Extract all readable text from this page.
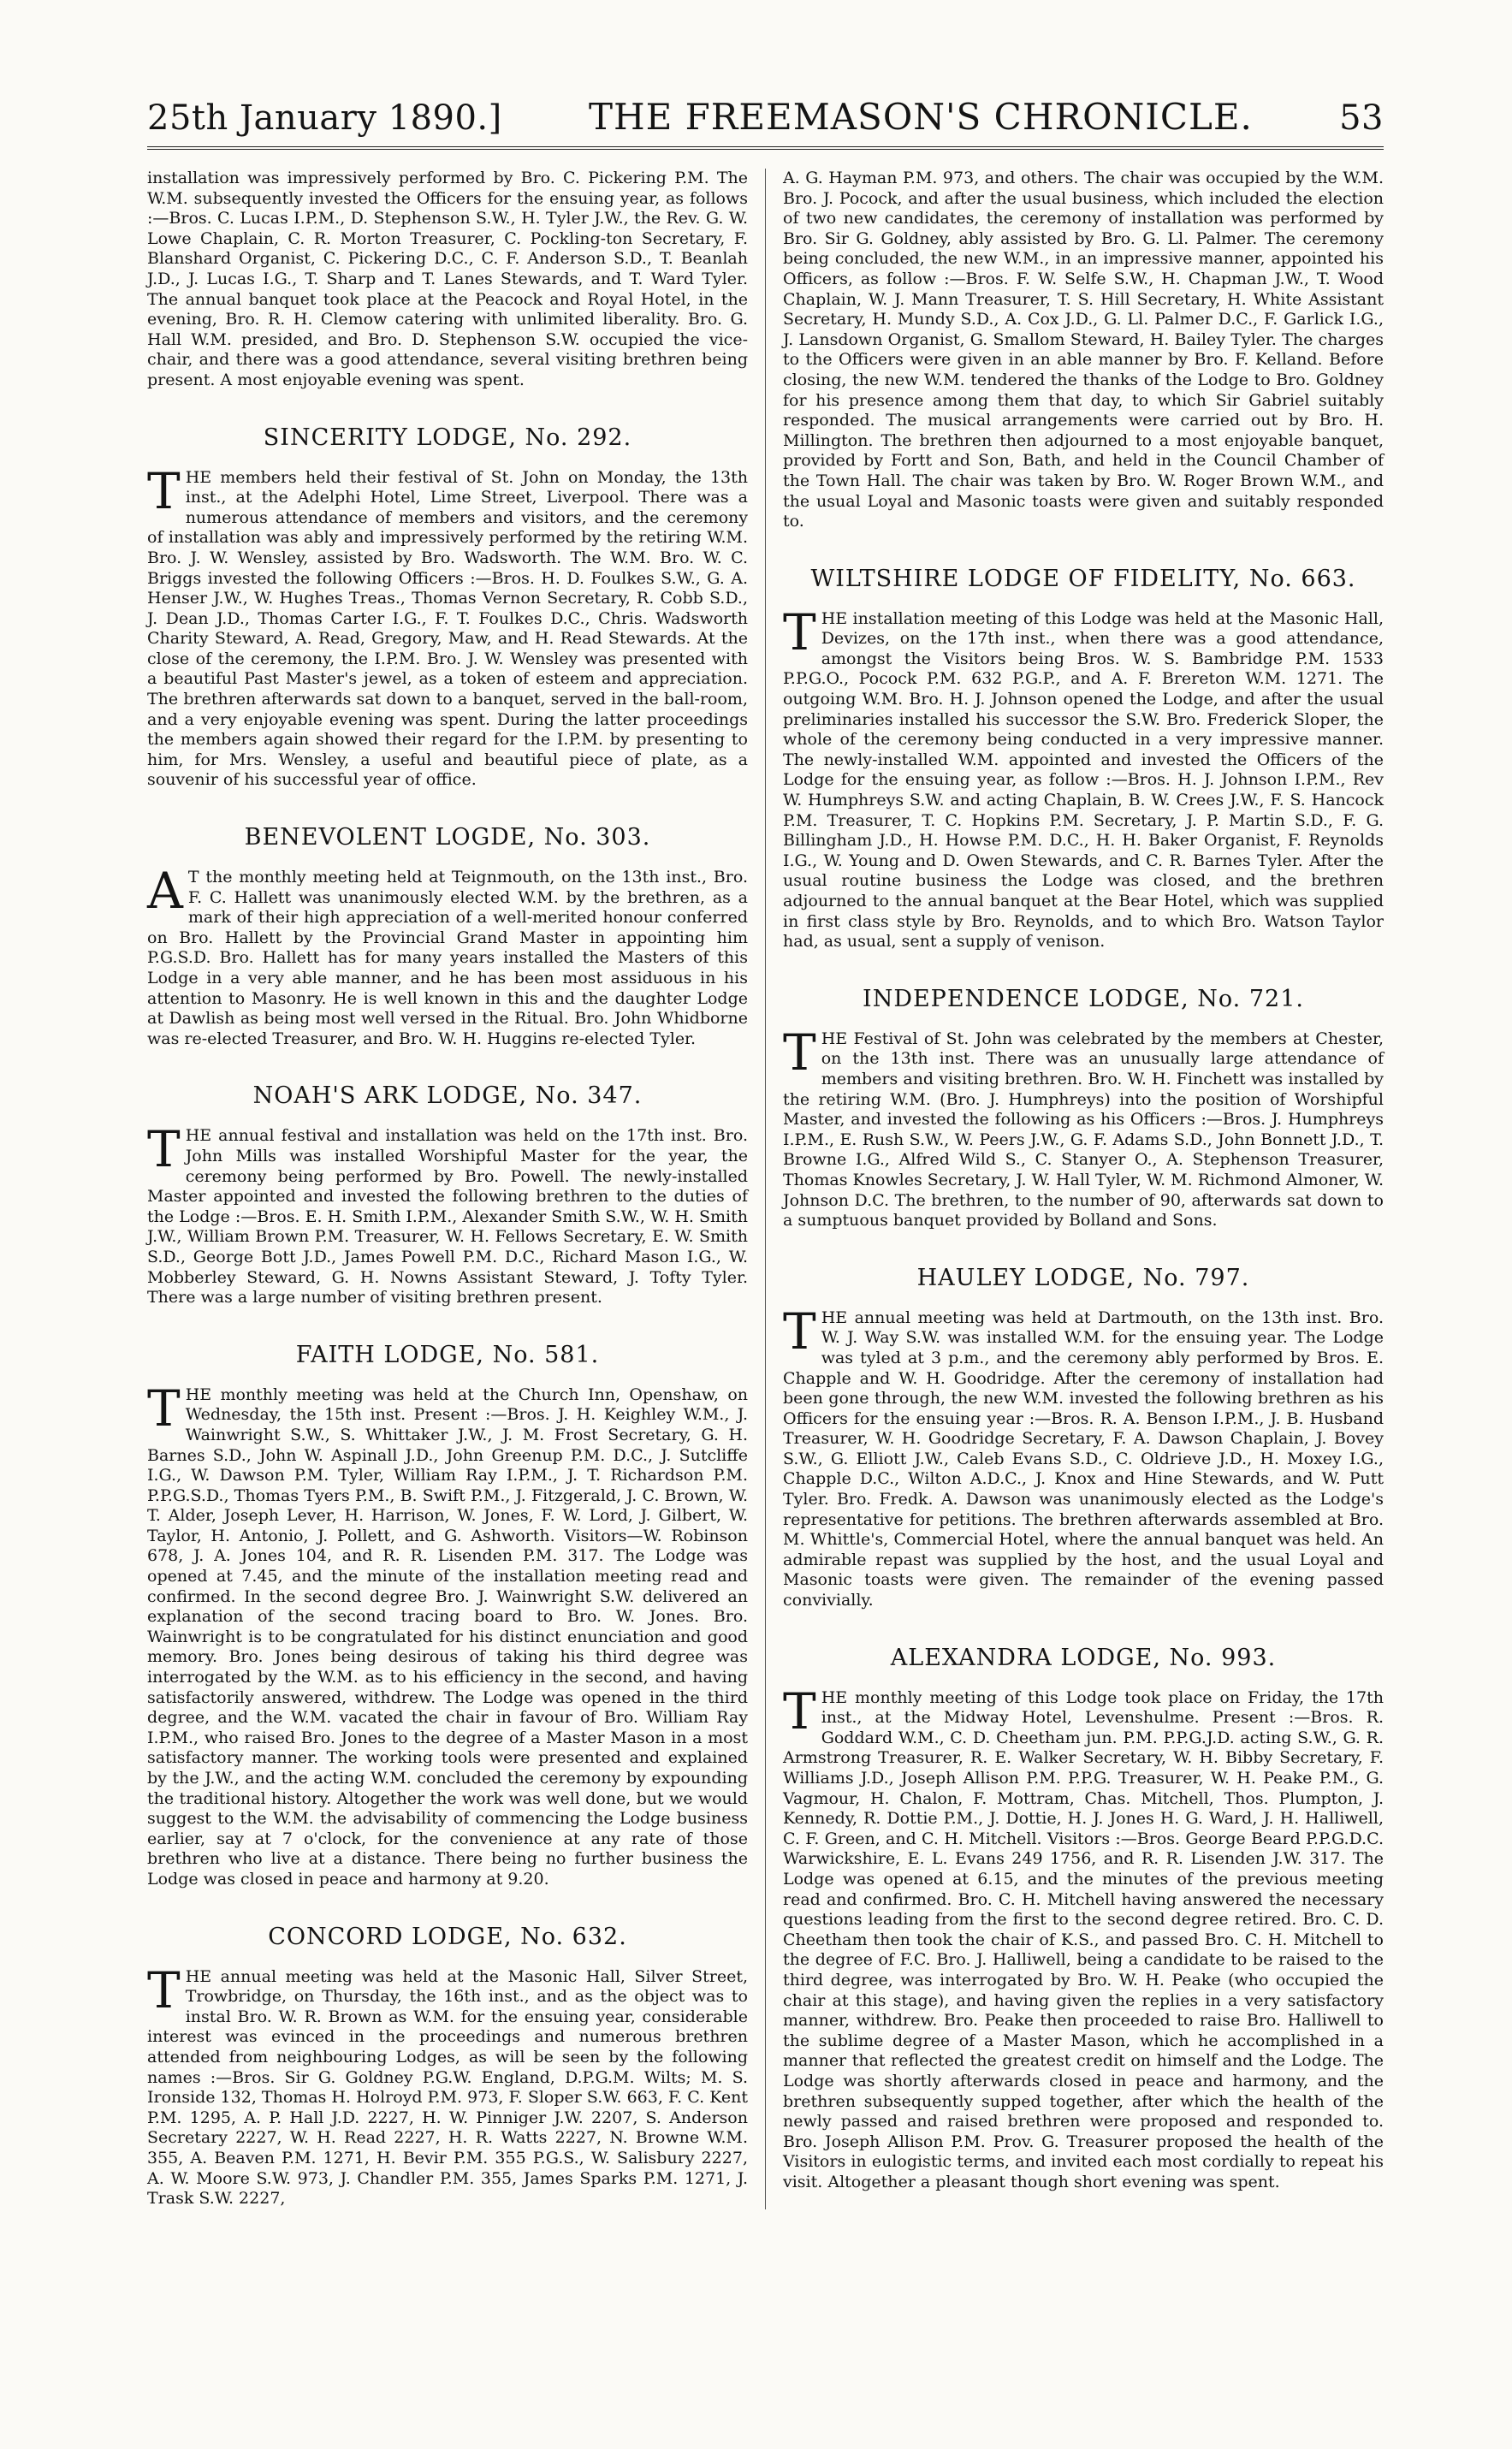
25th January 1890.] THE FREEMASON'S CHRONICLE.	53

installation was impressively performed by Bro. C. Pickering P.M. The W.M. subsequently invested the Officers for the ensuing year, as follows :—Bros. C. Lucas I.P.M., D. Stephenson S.W., H. Tyler J.W., the Rev. G. W. Lowe Chaplain, C. R. Morton Treasurer, C. Pockling-ton Secretary, F. Blanshard Organist, C. Pickering D.C., C. F. Anderson S.D., T. Beanlah J.D., J. Lucas I.G., T. Sharp and T. Lanes Stewards, and T. Ward Tyler. The annual banquet took place at the Peacock and Royal Hotel, in the evening, Bro. R. H. Clemow catering with unlimited liberality. Bro. G. Hall W.M. presided, and Bro. D. Stephenson S.W. occupied the vice-chair, and there was a good attendance, several visiting brethren being present. A most enjoyable evening was spent.

SINCERITY LODGE, No. 292.

THE members held their festival of St. John on Monday, the 13th inst., at the Adelphi Hotel, Lime Street, Liverpool. There was a numerous attendance of members and visitors, and the ceremony of installation was ably and impressively performed by the retiring W.M. Bro. J. W. Wensley, assisted by Bro. Wadsworth. The W.M. Bro. W. C. Briggs invested the following Officers :—Bros. H. D. Foulkes S.W., G. A. Henser J.W., W. Hughes Treas., Thomas Vernon Secretary, R. Cobb S.D., J. Dean J.D., Thomas Carter I.G., F. T. Foulkes D.C., Chris. Wadsworth Charity Steward, A. Read, Gregory, Maw, and H. Read Stewards. At the close of the ceremony, the I.P.M. Bro. J. W. Wensley was presented with a beautiful Past Master's jewel, as a token of esteem and appreciation. The brethren afterwards sat down to a banquet, served in the ball-room, and a very enjoyable evening was spent. During the latter proceedings the members again showed their regard for the I.P.M. by presenting to him, for Mrs. Wensley, a useful and beautiful piece of plate, as a souvenir of his successful year of office.

BENEVOLENT LOGDE, No. 303.

A T the monthly meeting held at Teignmouth, on the 13th inst., Bro. F. C. Hallett was unanimously elected W.M. by the brethren, as a mark of their high appreciation of a well-merited honour conferred on Bro. Hallett by the Provincial Grand Master in appointing him P.G.S.D. Bro. Hallett has for many years installed the Masters of this Lodge in a very able manner, and he has been most assiduous in his attention to Masonry. He is well known in this and the daughter Lodge at Dawlish as being most well versed in the Ritual. Bro. John Whidborne was re-elected Treasurer, and Bro. W. H. Huggins re-elected Tyler.

NOAH'S ARK LODGE, No. 347.

THE annual festival and installation was held on the 17th inst. Bro. John Mills was installed Worshipful Master for the year, the ceremony being performed by Bro. Powell. The newly-installed Master appointed and invested the following brethren to the duties of the Lodge :—Bros. E. H. Smith I.P.M., Alexander Smith S.W., W. H. Smith J.W., William Brown P.M. Treasurer, W. H. Fellows Secretary, E. W. Smith S.D., George Bott J.D., James Powell P.M. D.C., Richard Mason I.G., W. Mobberley Steward, G. H. Nowns Assistant Steward, J. Tofty Tyler. There was a large number of visiting brethren present.

FAITH LODGE, No. 581.

THE monthly meeting was held at the Church Inn, Openshaw, on Wednesday, the 15th inst. Present :—Bros. J. H. Keighley W.M., J. Wainwright S.W., S. Whittaker J.W., J. M. Frost Secretary, G. H. Barnes S.D., John W. Aspinall J.D., John Greenup P.M. D.C., J. Sutcliffe I.G., W. Dawson P.M. Tyler, William Ray I.P.M., J. T. Richardson P.M. P.P.G.S.D., Thomas Tyers P.M., B. Swift P.M., J. Fitzgerald, J. C. Brown, W. T. Alder, Joseph Lever, H. Harrison, W. Jones, F. W. Lord, J. Gilbert, W. Taylor, H. Antonio, J. Pollett, and G. Ashworth. Visitors—W. Robinson 678, J. A. Jones 104, and R. R. Lisenden P.M. 317. The Lodge was opened at 7.45, and the minute of the installation meeting read and confirmed. In the second degree Bro. J. Wainwright S.W. delivered an explanation of the second tracing board to Bro. W. Jones. Bro. Wainwright is to be congratulated for his distinct enunciation and good memory. Bro. Jones being desirous of taking his third degree was interrogated by the W.M. as to his efficiency in the second, and having satisfactorily answered, withdrew. The Lodge was opened in the third degree, and the W.M. vacated the chair in favour of Bro. William Ray I.P.M., who raised Bro. Jones to the degree of a Master Mason in a most satisfactory manner. The working tools were presented and explained by the J.W., and the acting W.M. concluded the ceremony by expounding the traditional history. Altogether the work was well done, but we would suggest to the W.M. the advisability of commencing the Lodge business earlier, say at 7 o'clock, for the convenience at any rate of those brethren who live at a distance. There being no further business the Lodge was closed in peace and harmony at 9.20.

CONCORD LODGE, No. 632.

THE annual meeting was held at the Masonic Hall, Silver Street, Trowbridge, on Thursday, the 16th inst., and as the object was to instal Bro. W. R. Brown as W.M. for the ensuing year, considerable interest was evinced in the proceedings and numerous brethren attended from neighbouring Lodges, as will be seen by the following names :—Bros. Sir G. Goldney P.G.W. England, D.P.G.M. Wilts; M. S. Ironside 132, Thomas H. Holroyd P.M. 973, F. Sloper S.W. 663, F. C. Kent P.M. 1295, A. P. Hall J.D. 2227, H. W. Pinniger J.W. 2207, S. Anderson Secretary 2227, W. H. Read 2227, H. R. Watts 2227, N. Browne W.M. 355, A. Beaven P.M. 1271, H. Bevir P.M. 355 P.G.S., W. Salisbury 2227, A. W. Moore S.W. 973, J. Chandler P.M. 355, James Sparks P.M. 1271, J. Trask S.W. 2227,

A. G. Hayman P.M. 973, and others. The chair was occupied by the W.M. Bro. J. Pocock, and after the usual business, which included the election of two new candidates, the ceremony of installation was performed by Bro. Sir G. Goldney, ably assisted by Bro. G. Ll. Palmer. The ceremony being concluded, the new W.M., in an impressive manner, appointed his Officers, as follow :—Bros. F. W. Selfe S.W., H. Chapman J.W., T. Wood Chaplain, W. J. Mann Treasurer, T. S. Hill Secretary, H. White Assistant Secretary, H. Mundy S.D., A. Cox J.D., G. Ll. Palmer D.C., F. Garlick I.G., J. Lansdown Organist, G. Smallom Steward, H. Bailey Tyler. The charges to the Officers were given in an able manner by Bro. F. Kelland. Before closing, the new W.M. tendered the thanks of the Lodge to Bro. Goldney for his presence among them that day, to which Sir Gabriel suitably responded. The musical arrangements were carried out by Bro. H. Millington. The brethren then adjourned to a most enjoyable banquet, provided by Fortt and Son, Bath, and held in the Council Chamber of the Town Hall. The chair was taken by Bro. W. Roger Brown W.M., and the usual Loyal and Masonic toasts were given and suitably responded to.

WILTSHIRE LODGE OF FIDELITY, No. 663.

THE installation meeting of this Lodge was held at the Masonic Hall, Devizes, on the 17th inst., when there was a good attendance, amongst the Visitors being Bros. W. S. Bambridge P.M. 1533 P.P.G.O., Pocock P.M. 632 P.G.P., and A. F. Brereton W.M. 1271. The outgoing W.M. Bro. H. J. Johnson opened the Lodge, and after the usual preliminaries installed his successor the S.W. Bro. Frederick Sloper, the whole of the ceremony being conducted in a very impressive manner. The newly-installed W.M. appointed and invested the Officers of the Lodge for the ensuing year, as follow :—Bros. H. J. Johnson I.P.M., Rev W. Humphreys S.W. and acting Chaplain, B. W. Crees J.W., F. S. Hancock P.M. Treasurer, T. C. Hopkins P.M. Secretary, J. P. Martin S.D., F. G. Billingham J.D., H. Howse P.M. D.C., H. H. Baker Organist, F. Reynolds I.G., W. Young and D. Owen Stewards, and C. R. Barnes Tyler. After the usual routine business the Lodge was closed, and the brethren adjourned to the annual banquet at the Bear Hotel, which was supplied in first class style by Bro. Reynolds, and to which Bro. Watson Taylor had, as usual, sent a supply of venison.

INDEPENDENCE LODGE, No. 721.

THE Festival of St. John was celebrated by the members at Chester, on the 13th inst. There was an unusually large attendance of members and visiting brethren. Bro. W. H. Finchett was installed by the retiring W.M. (Bro. J. Humphreys) into the position of Worshipful Master, and invested the following as his Officers :—Bros. J. Humphreys I.P.M., E. Rush S.W., W. Peers J.W., G. F. Adams S.D., John Bonnett J.D., T. Browne I.G., Alfred Wild S., C. Stanyer O., A. Stephenson Treasurer, Thomas Knowles Secretary, J. W. Hall Tyler, W. M. Richmond Almoner, W. Johnson D.C. The brethren, to the number of 90, afterwards sat down to a sumptuous banquet provided by Bolland and Sons.

HAULEY LODGE, No. 797.

THE annual meeting was held at Dartmouth, on the 13th inst. Bro. W. J. Way S.W. was installed W.M. for the ensuing year. The Lodge was tyled at 3 p.m., and the ceremony ably performed by Bros. E. Chapple and W. H. Goodridge. After the ceremony of installation had been gone through, the new W.M. invested the following brethren as his Officers for the ensuing year :—Bros. R. A. Benson I.P.M., J. B. Husband Treasurer, W. H. Goodridge Secretary, F. A. Dawson Chaplain, J. Bovey S.W., G. Elliott J.W., Caleb Evans S.D., C. Oldrieve J.D., H. Moxey I.G., Chapple D.C., Wilton A.D.C., J. Knox and Hine Stewards, and W. Putt Tyler. Bro. Fredk. A. Dawson was unanimously elected as the Lodge's representative for petitions. The brethren afterwards assembled at Bro. M. Whittle's, Commercial Hotel, where the annual banquet was held. An admirable repast was supplied by the host, and the usual Loyal and Masonic toasts were given. The remainder of the evening passed convivially.

ALEXANDRA LODGE, No. 993.

THE monthly meeting of this Lodge took place on Friday, the 17th inst., at the Midway Hotel, Levenshulme. Present :—Bros. R. Goddard W.M., C. D. Cheetham jun. P.M. P.P.G.J.D. acting S.W., G. R. Armstrong Treasurer, R. E. Walker Secretary, W. H. Bibby Secretary, F. Williams J.D., Joseph Allison P.M. P.P.G. Treasurer, W. H. Peake P.M., G. Vagmour, H. Chalon, F. Mottram, Chas. Mitchell, Thos. Plumpton, J. Kennedy, R. Dottie P.M., J. Dottie, H. J. Jones H. G. Ward, J. H. Halliwell, C. F. Green, and C. H. Mitchell. Visitors :—Bros. George Beard P.P.G.D.C. Warwickshire, E. L. Evans 249 1756, and R. R. Lisenden J.W. 317. The Lodge was opened at 6.15, and the minutes of the previous meeting read and confirmed. Bro. C. H. Mitchell having answered the necessary questions leading from the first to the second degree retired. Bro. C. D. Cheetham then took the chair of K.S., and passed Bro. C. H. Mitchell to the degree of F.C. Bro. J. Halliwell, being a candidate to be raised to the third degree, was interrogated by Bro. W. H. Peake (who occupied the chair at this stage), and having given the replies in a very satisfactory manner, withdrew. Bro. Peake then proceeded to raise Bro. Halliwell to the sublime degree of a Master Mason, which he accomplished in a manner that reflected the greatest credit on himself and the Lodge. The Lodge was shortly afterwards closed in peace and harmony, and the brethren subsequently supped together, after which the health of the newly passed and raised brethren were proposed and responded to. Bro. Joseph Allison P.M. Prov. G. Treasurer proposed the health of the Visitors in eulogistic terms, and invited each most cordially to repeat his visit. Altogether a pleasant though short evening was spent.
